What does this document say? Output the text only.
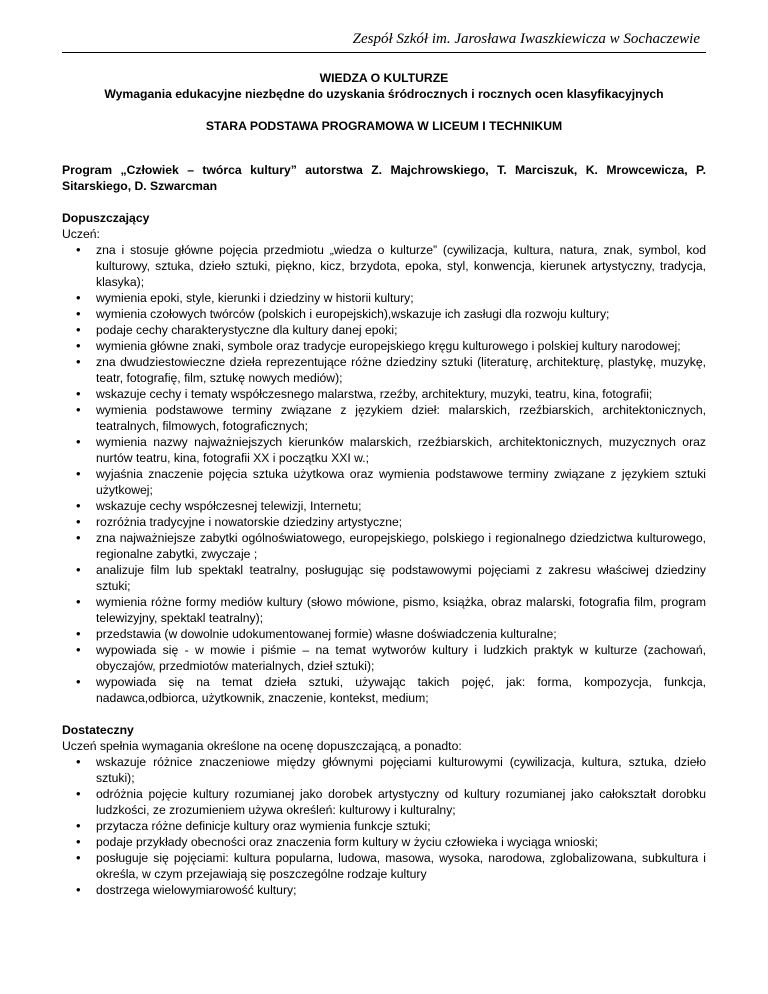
Zespół Szkół im. Jarosława Iwaszkiewicza w Sochaczewie
WIEDZA O KULTURZE
Wymagania edukacyjne niezbędne do uzyskania śródrocznych i rocznych ocen klasyfikacyjnych
STARA PODSTAWA PROGRAMOWA W LICEUM I TECHNIKUM
Program „Człowiek – twórca kultury” autorstwa Z. Majchrowskiego, T. Marciszuk, K. Mrowcewicza, P. Sitarskiego, D. Szwarcman
Dopuszczający
Uczeń:
• zna i stosuje główne pojęcia przedmiotu „wiedza o kulturze” (cywilizacja, kultura, natura, znak, symbol, kod kulturowy, sztuka, dzieło sztuki, piękno, kicz, brzydota, epoka, styl, konwencja, kierunek artystyczny, tradycja, klasyka);
• wymienia epoki, style, kierunki i dziedziny w historii kultury;
• wymienia czołowych twórców (polskich i europejskich),wskazuje ich zasługi dla rozwoju kultury;
• podaje cechy charakterystyczne dla kultury danej epoki;
• wymienia główne znaki, symbole oraz tradycje europejskiego kręgu kulturowego i polskiej kultury narodowej;
• zna dwudziestowieczne dzieła reprezentujące różne dziedziny sztuki (literaturę, architekturę, plastykę, muzykę, teatr, fotografię, film, sztukę nowych mediów);
• wskazuje cechy i tematy współczesnego malarstwa, rzeźby, architektury, muzyki, teatru, kina, fotografii;
• wymienia podstawowe terminy związane z językiem dzieł: malarskich, rzeźbiarskich, architektonicznych, teatralnych, filmowych, fotograficznych;
• wymienia nazwy najważniejszych kierunków malarskich, rzeźbiarskich, architektonicznych, muzycznych oraz nurtów teatru, kina, fotografii XX i początku XXI w.;
• wyjaśnia znaczenie pojęcia sztuka użytkowa oraz wymienia podstawowe terminy związane z językiem sztuki użytkowej;
• wskazuje cechy współczesnej telewizji, Internetu;
• rozróżnia tradycyjne i nowatorskie dziedziny artystyczne;
• zna najważniejsze zabytki ogólnoświatowego, europejskiego, polskiego i regionalnego dziedzictwa kulturowego, regionalne zabytki, zwyczaje ;
• analizuje film lub spektakl teatralny, posługując się podstawowymi pojęciami z zakresu właściwej dziedziny sztuki;
• wymienia różne formy mediów kultury (słowo mówione, pismo, książka, obraz malarski, fotografia film, program telewizyjny, spektakl teatralny);
• przedstawia (w dowolnie udokumentowanej formie) własne doświadczenia kulturalne;
• wypowiada się - w mowie i piśmie – na temat wytworów kultury i ludzkich praktyk w kulturze (zachowań, obyczajów, przedmiotów materialnych, dzieł sztuki);
• wypowiada się na temat dzieła sztuki, używając takich pojęć, jak: forma, kompozycja, funkcja, nadawca,odbiorca, użytkownik, znaczenie, kontekst, medium;
Dostateczny
Uczeń spełnia wymagania określone na ocenę dopuszczającą, a ponadto:
• wskazuje różnice znaczeniowe między głównymi pojęciami kulturowymi (cywilizacja, kultura, sztuka, dzieło sztuki);
• odróżnia pojęcie kultury rozumianej jako dorobek artystyczny od kultury rozumianej jako całokształt dorobku ludzkości, ze zrozumieniem używa określeń: kulturowy i kulturalny;
• przytacza różne definicje kultury oraz wymienia funkcje sztuki;
• podaje przykłady obecności oraz znaczenia form kultury w życiu człowieka i wyciąga wnioski;
• posługuje się pojęciami: kultura popularna, ludowa, masowa, wysoka, narodowa, zglobalizowana, subkultura i określa, w czym przejawiają się poszczególne rodzaje kultury
• dostrzega wielowymiarowość kultury;
